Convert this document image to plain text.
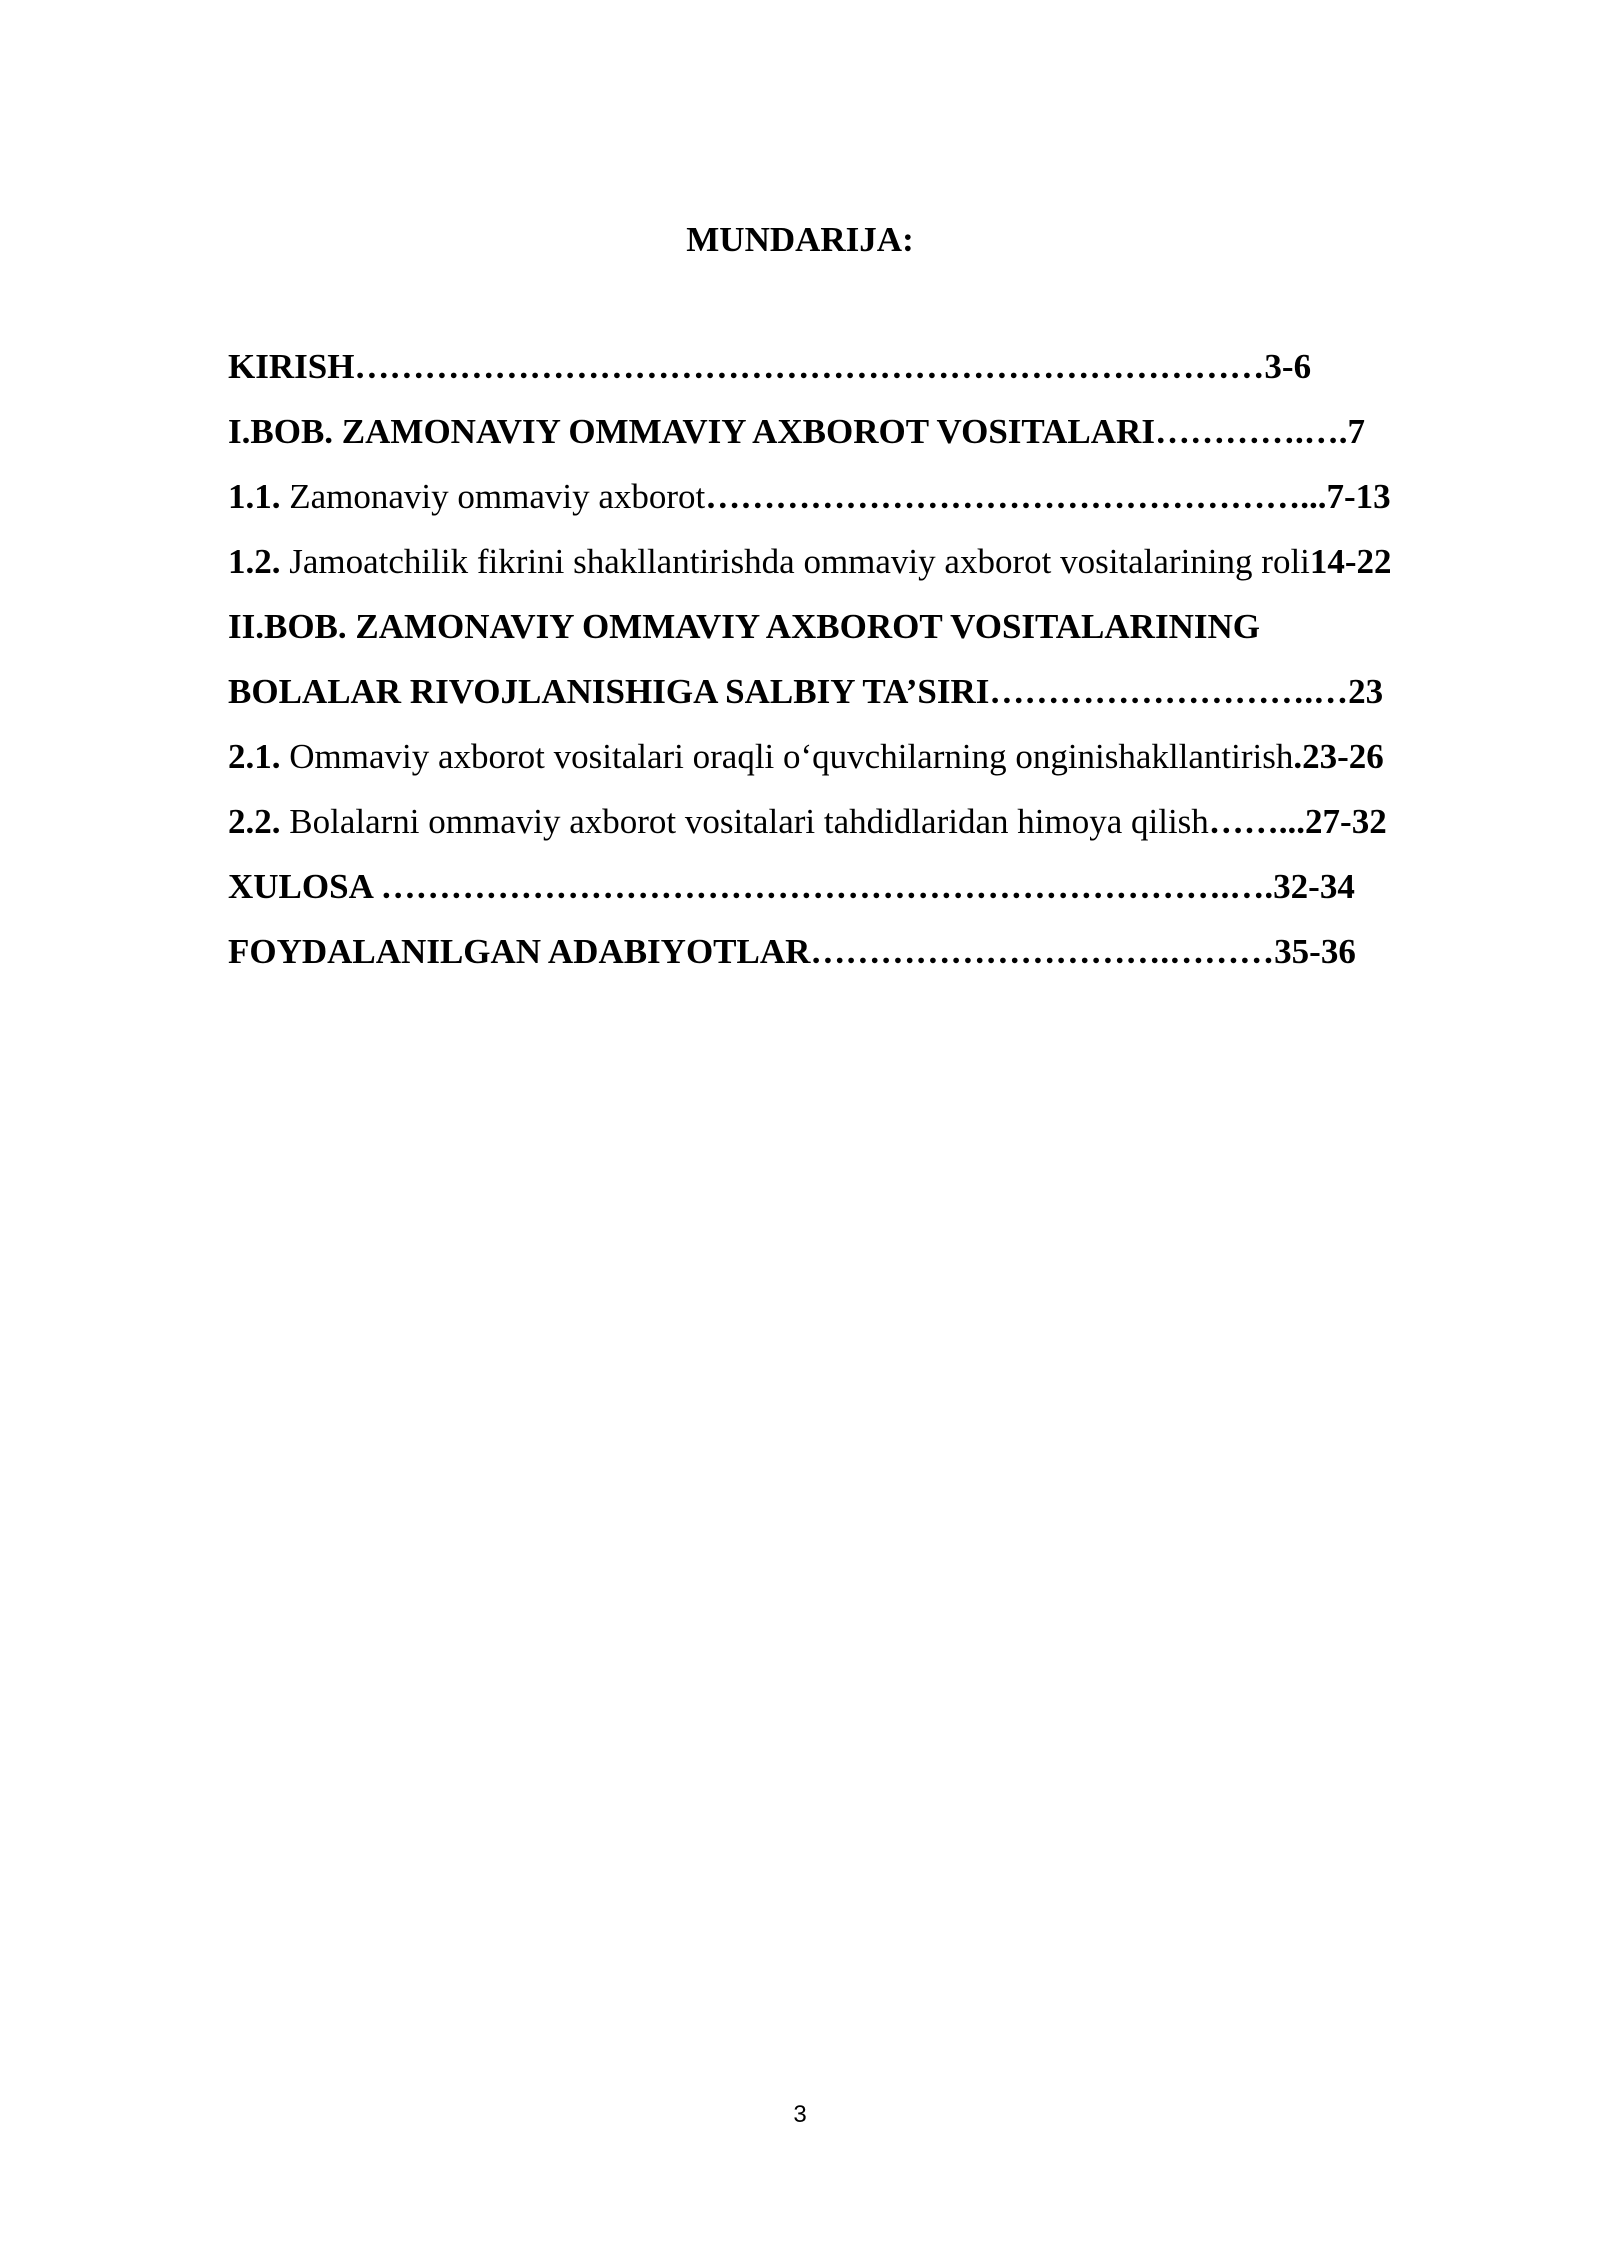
MUNDARIJA:
KIRISH……………………………………………………………………3-6
I.BOB. ZAMONAVIY OMMAVIY AXBOROT VOSITALARI………….….7
1.1. Zamonaviy ommaviy axborot……………………………………………...7-13
1.2. Jamoatchilik fikrini shakllantirishda ommaviy axborot vositalarining roli14-22
II.BOB. ZAMONAVIY OMMAVIY AXBOROT VOSITALARINING
BOLALAR RIVOJLANISHIGA SALBIY TA’SIRI……………………….…23
2.1. Ommaviy axborot vositalari oraqli o‘quvchilarning onginishakllantirish.23-26
2.2. Bolalarni ommaviy axborot vositalari tahdidlaridan himoya qilish……...27-32
XULOSA ……………………………………………………………….….32-34
FOYDALANILGAN ADABIYOTLAR………………………….………35-36
3
